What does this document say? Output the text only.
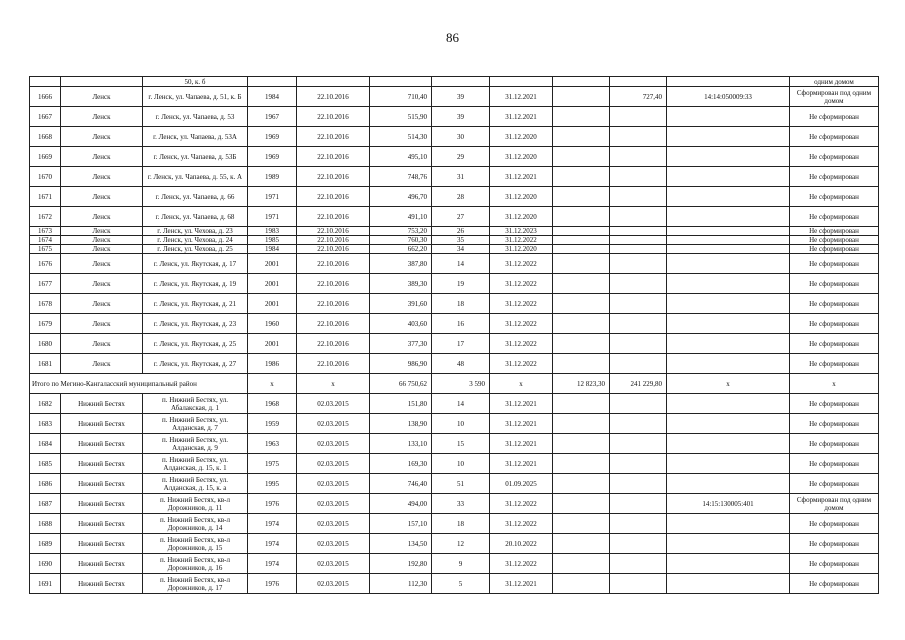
86
		50, к. б									одним домом
1666	Ленск	г. Ленск, ул. Чапаева, д. 51, к. Б	1984	22.10.2016	710,40	39	31.12.2021		727,40	14:14:050009:33	Сформирован под одним домом
1667	Ленск	г. Ленск, ул. Чапаева, д. 53	1967	22.10.2016	515,90	39	31.12.2021				Не сформирован
1668	Ленск	г. Ленск, ул. Чапаева, д. 53А	1969	22.10.2016	514,30	30	31.12.2020				Не сформирован
1669	Ленск	г. Ленск, ул. Чапаева, д. 53Б	1969	22.10.2016	495,10	29	31.12.2020				Не сформирован
1670	Ленск	г. Ленск, ул. Чапаева, д. 55, к. А	1989	22.10.2016	748,76	31	31.12.2021				Не сформирован
1671	Ленск	г. Ленск, ул. Чапаева, д. 66	1971	22.10.2016	496,70	28	31.12.2020				Не сформирован
1672	Ленск	г. Ленск, ул. Чапаева, д. 68	1971	22.10.2016	491,10	27	31.12.2020				Не сформирован
1673	Ленск	г. Ленск, ул. Чехова, д. 23	1983	22.10.2016	753,20	26	31.12.2023				Не сформирован
1674	Ленск	г. Ленск, ул. Чехова, д. 24	1985	22.10.2016	760,30	35	31.12.2022				Не сформирован
1675	Ленск	г. Ленск, ул. Чехова, д. 25	1984	22.10.2016	662,20	34	31.12.2020				Не сформирован
1676	Ленск	г. Ленск, ул. Якутская, д. 17	2001	22.10.2016	387,80	14	31.12.2022				Не сформирован
1677	Ленск	г. Ленск, ул. Якутская, д. 19	2001	22.10.2016	389,30	19	31.12.2022				Не сформирован
1678	Ленск	г. Ленск, ул. Якутская, д. 21	2001	22.10.2016	391,60	18	31.12.2022				Не сформирован
1679	Ленск	г. Ленск, ул. Якутская, д. 23	1960	22.10.2016	403,60	16	31.12.2022				Не сформирован
1680	Ленск	г. Ленск, ул. Якутская, д. 25	2001	22.10.2016	377,30	17	31.12.2022				Не сформирован
1681	Ленск	г. Ленск, ул. Якутская, д. 27	1986	22.10.2016	986,90	48	31.12.2022				Не сформирован
Итого по Мегино-Кангаласский муниципальный район			х	х	66 750,62	3 590	х	12 823,30	241 229,80	х	х
1682	Нижний Бестях	п. Нижний Бестях, ул. Абалакская, д. 1	1968	02.03.2015	151,80	14	31.12.2021				Не сформирован
1683	Нижний Бестях	п. Нижний Бестях, ул. Алданская, д. 7	1959	02.03.2015	138,90	10	31.12.2021				Не сформирован
1684	Нижний Бестях	п. Нижний Бестях, ул. Алданская, д. 9	1963	02.03.2015	133,10	15	31.12.2021				Не сформирован
1685	Нижний Бестях	п. Нижний Бестях, ул. Алданская, д. 15, к. 1	1975	02.03.2015	169,30	10	31.12.2021				Не сформирован
1686	Нижний Бестях	п. Нижний Бестях, ул. Алданская, д. 15, к. а	1995	02.03.2015	746,40	51	01.09.2025				Не сформирован
1687	Нижний Бестях	п. Нижний Бестях, кв-л Дорожников, д. 11	1976	02.03.2015	494,00	33	31.12.2022			14:15:130005:401	Сформирован под одним домом
1688	Нижний Бестях	п. Нижний Бестях, кв-л Дорожников, д. 14	1974	02.03.2015	157,10	18	31.12.2022				Не сформирован
1689	Нижний Бестях	п. Нижний Бестях, кв-л Дорожников, д. 15	1974	02.03.2015	134,50	12	20.10.2022				Не сформирован
1690	Нижний Бестях	п. Нижний Бестях, кв-л Дорожников, д. 16	1974	02.03.2015	192,80	9	31.12.2022				Не сформирован
1691	Нижний Бестях	п. Нижний Бестях, кв-л Дорожников, д. 17	1976	02.03.2015	112,30	5	31.12.2021				Не сформирован
